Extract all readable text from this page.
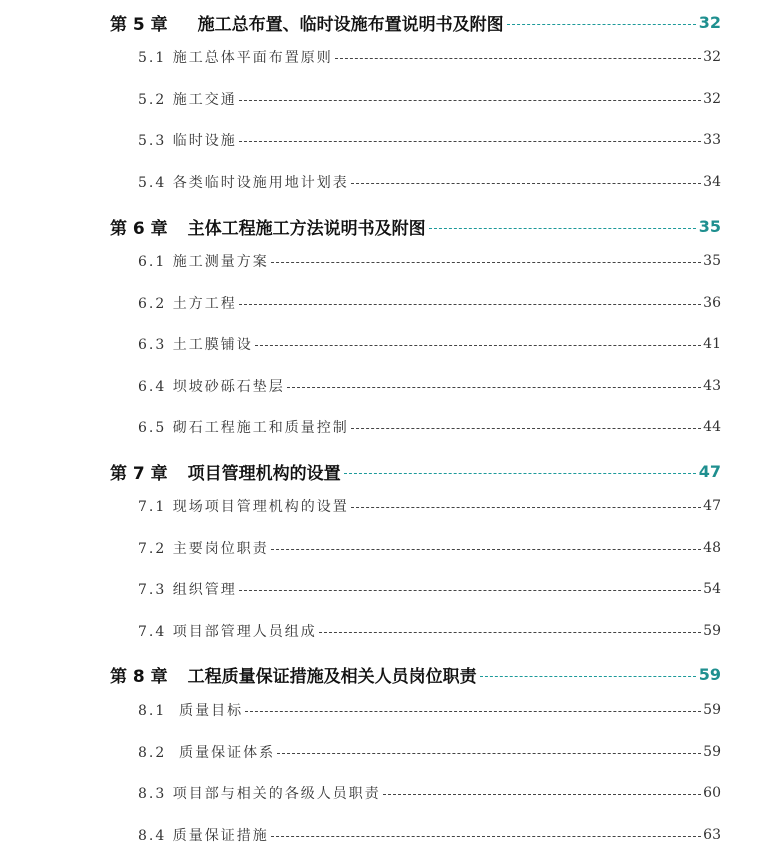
第 5 章 施工总布置、临时设施布置说明书及附图	32
5.1 施工总体平面布置原则	32
5.2 施工交通	32
5.3 临时设施	33
5.4 各类临时设施用地计划表	34
第 6 章 主体工程施工方法说明书及附图	35
6.1 施工测量方案	35
6.2 土方工程	36
6.3 土工膜铺设	41
6.4 坝坡砂砾石垫层	43
6.5 砌石工程施工和质量控制	44
第 7 章 项目管理机构的设置	47
7.1 现场项目管理机构的设置	47
7.2 主要岗位职责	48
7.3 组织管理	54
7.4 项目部管理人员组成	59
第 8 章 工程质量保证措施及相关人员岗位职责	59
8.1  质量目标	59
8.2  质量保证体系	59
8.3 项目部与相关的各级人员职责	60
8.4 质量保证措施	63
